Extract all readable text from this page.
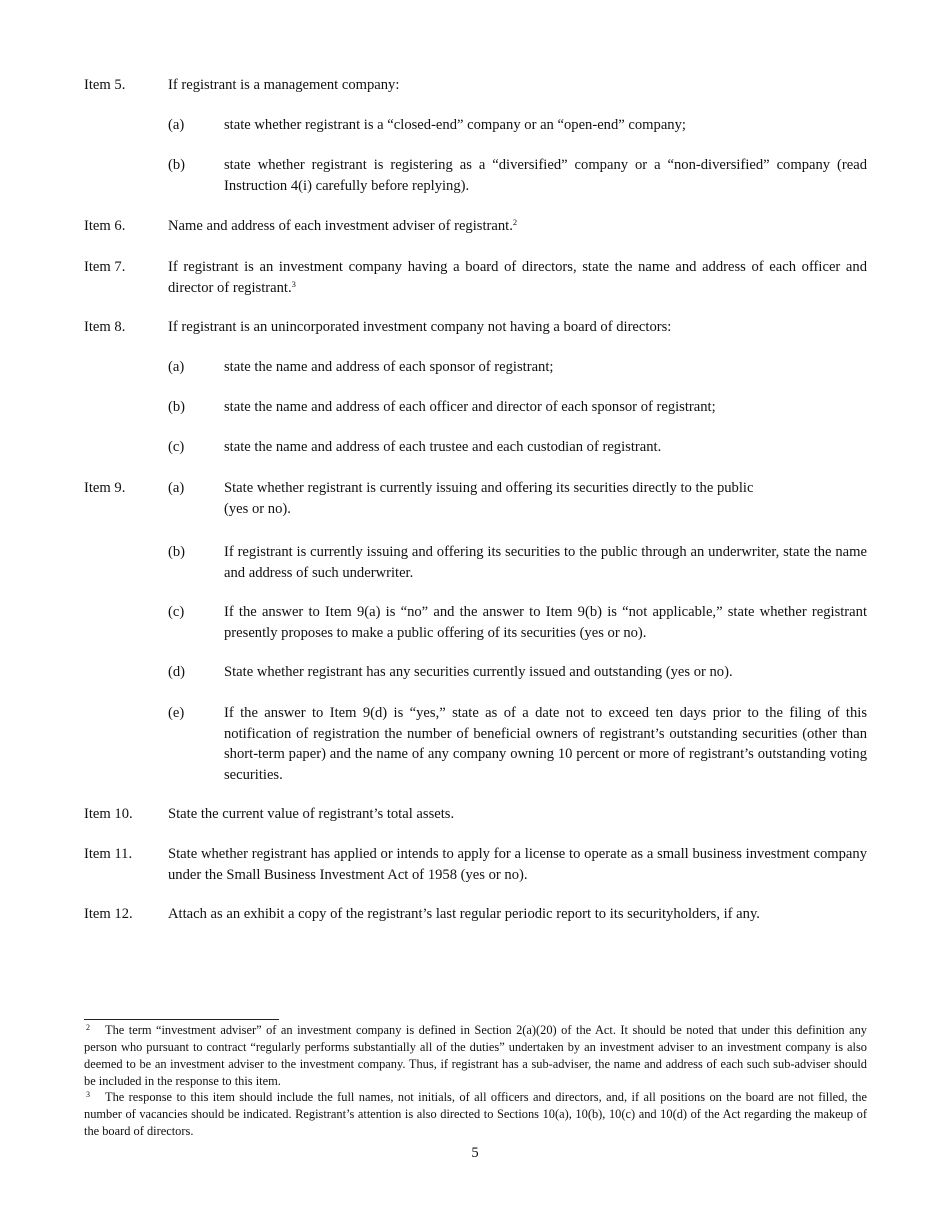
Item 5.	If registrant is a management company:
(a)	state whether registrant is a “closed-end” company or an “open-end” company;
(b)	state whether registrant is registering as a “diversified” company or a “non-diversified” company (read Instruction 4(i) carefully before replying).
Item 6.	Name and address of each investment adviser of registrant.$^2$
Item 7.	If registrant is an investment company having a board of directors, state the name and address of each officer and director of registrant.$^3$
Item 8.	If registrant is an unincorporated investment company not having a board of directors:
(a)	state the name and address of each sponsor of registrant;
(b)	state the name and address of each officer and director of each sponsor of registrant;
(c)	state the name and address of each trustee and each custodian of registrant.
Item 9.	(a)	State whether registrant is currently issuing and offering its securities directly to the public
(yes or no).
(b)	If registrant is currently issuing and offering its securities to the public through an underwriter, state the name and address of such underwriter.
(c)	If the answer to Item 9(a) is “no” and the answer to Item 9(b) is “not applicable,” state whether registrant presently proposes to make a public offering of its securities (yes or no).
(d)	State whether registrant has any securities currently issued and outstanding (yes or no).
(e)	If the answer to Item 9(d) is “yes,” state as of a date not to exceed ten days prior to the filing of this notification of registration the number of beneficial owners of registrant’s outstanding securities (other than short-term paper) and the name of any company owning 10 percent or more of registrant’s outstanding voting securities.
Item 10. State the current value of registrant’s total assets.
Item 11. State whether registrant has applied or intends to apply for a license to operate as a small business investment company under the Small Business Investment Act of 1958 (yes or no).
Item 12. Attach as an exhibit a copy of the registrant’s last regular periodic report to its securityholders, if any.
$^2$ The term “investment adviser” of an investment company is defined in Section 2(a)(20) of the Act. It should be noted that under this definition any person who pursuant to contract “regularly performs substantially all of the duties” undertaken by an investment adviser to an investment company is also deemed to be an investment adviser to the investment company. Thus, if registrant has a sub-adviser, the name and address of each such sub-adviser should be included in the response to this item.
$^3$ The response to this item should include the full names, not initials, of all officers and directors, and, if all positions on the board are not filled, the number of vacancies should be indicated. Registrant’s attention is also directed to Sections 10(a), 10(b), 10(c) and 10(d) of the Act regarding the makeup of the board of directors.
5
